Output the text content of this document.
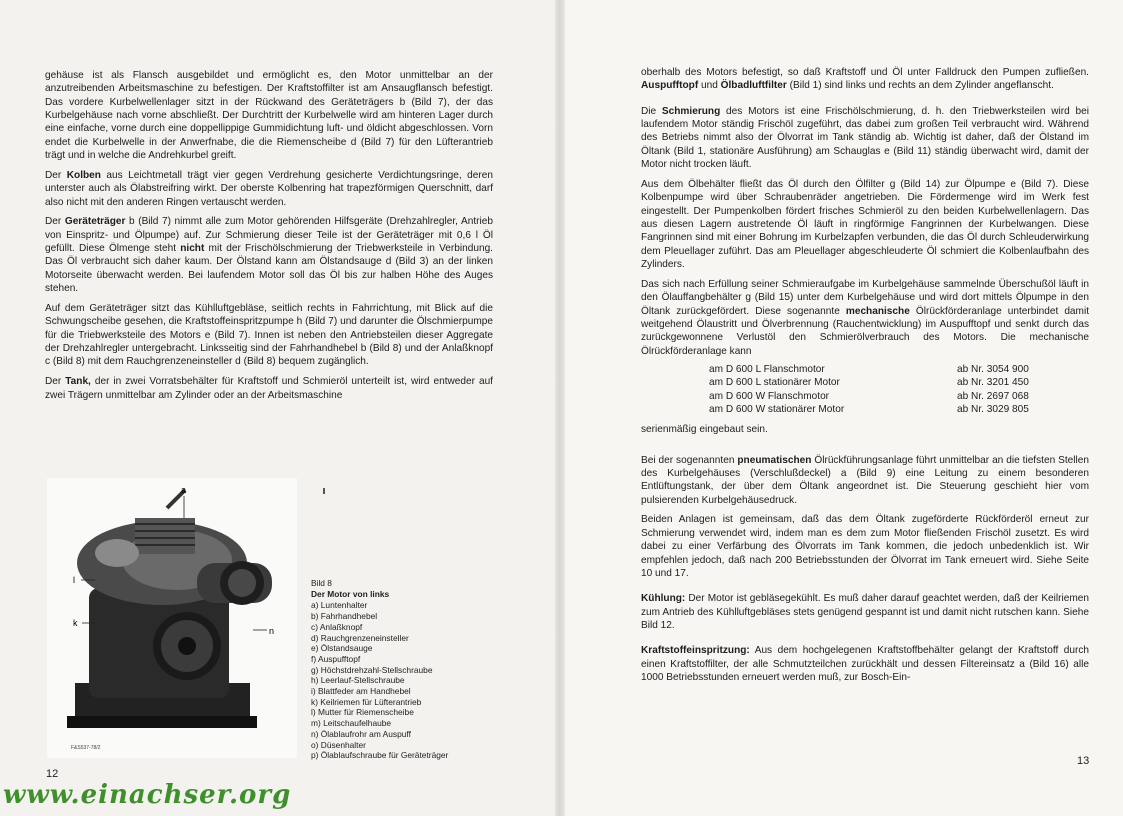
gehäuse ist als Flansch ausgebildet und ermöglicht es, den Motor unmittelbar an der anzutreibenden Arbeitsmaschine zu befestigen. Der Kraftstoffilter ist am Ansaugflansch befestigt. Das vordere Kurbelwellenlager sitzt in der Rückwand des Geräteträgers b (Bild 7), der das Kurbelgehäuse nach vorne abschließt. Der Durchtritt der Kurbelwelle wird am hinteren Lager durch eine einfache, vorne durch eine doppellippige Gummidichtung luft- und öldicht abgeschlossen. Vorn endet die Kurbelwelle in der Anwerfnabe, die die Riemenscheibe d (Bild 7) für den Lüfterantrieb trägt und in welche die Andrehkurbel greift.

Der Kolben aus Leichtmetall trägt vier gegen Verdrehung gesicherte Verdichtungsringe, deren unterster auch als Ölabstreifring wirkt. Der oberste Kolbenring hat trapezförmigen Querschnitt, darf also nicht mit den anderen Ringen vertauscht werden.

Der Geräteträger b (Bild 7) nimmt alle zum Motor gehörenden Hilfsgeräte (Drehzahlregler, Antrieb von Einspritz- und Ölpumpe) auf. Zur Schmierung dieser Teile ist der Geräteträger mit 0,6 l Öl gefüllt. Diese Ölmenge steht nicht mit der Frischölschmierung der Triebwerksteile in Verbindung. Das Öl verbraucht sich daher kaum. Der Ölstand kann am Ölstandsauge d (Bild 3) an der linken Motorseite überwacht werden. Bei laufendem Motor soll das Öl bis zur halben Höhe des Auges stehen.

Auf dem Geräteträger sitzt das Kühlluftgebläse, seitlich rechts in Fahrrichtung, mit Blick auf die Schwungscheibe gesehen, die Kraftstoffeinspritzpumpe h (Bild 7) und darunter die Ölschmierpumpe für die Triebwerksteile des Motors e (Bild 7). Innen ist neben den Antriebsteilen dieser Aggregate der Drehzahlregler untergebracht. Linksseitig sind der Fahrhandhebel b (Bild 8) und der Anlaßknopf c (Bild 8) mit dem Rauchgrenzeneinsteller d (Bild 8) bequem zugänglich.

Der Tank, der in zwei Vorratsbehälter für Kraftstoff und Schmieröl unterteilt ist, wird entweder auf zwei Trägern unmittelbar am Zylinder oder an der Arbeitsmaschine

a
l
k
n
F&S537-78/2
Bild 8
Der Motor von links
a) Luntenhalter
b) Fahrhandhebel
c) Anlaßknopf
d) Rauchgrenzeneinsteller
e) Ölstandsauge
f) Auspufftopf
g) Höchstdrehzahl-Stellschraube
h) Leerlauf-Stellschraube
i) Blattfeder am Handhebel
k) Keilriemen für Lüfterantrieb
l) Mutter für Riemenscheibe
m) Leitschaufelhaube
n) Ölablaufrohr am Auspuff
o) Düsenhalter
p) Ölablaufschraube für Geräteträger
12
www.einachser.org

oberhalb des Motors befestigt, so daß Kraftstoff und Öl unter Falldruck den Pumpen zufließen. Auspufftopf und Ölbadluftfilter (Bild 1) sind links und rechts an dem Zylinder angeflanscht.

Die Schmierung des Motors ist eine Frischölschmierung, d. h. den Triebwerksteilen wird bei laufendem Motor ständig Frischöl zugeführt, das dabei zum großen Teil verbraucht wird. Während des Betriebs nimmt also der Ölvorrat im Tank ständig ab. Wichtig ist daher, daß der Ölstand im Öltank (Bild 1, stationäre Ausführung) am Schauglas e (Bild 11) ständig überwacht wird, damit der Motor nicht trocken läuft.

Aus dem Ölbehälter fließt das Öl durch den Ölfilter g (Bild 14) zur Ölpumpe e (Bild 7). Diese Kolbenpumpe wird über Schraubenräder angetrieben. Die Fördermenge wird im Werk fest eingestellt. Der Pumpenkolben fördert frisches Schmieröl zu den beiden Kurbelwellenlagern. Das aus diesen Lagern austretende Öl läuft in ringförmige Fangrinnen der Kurbelwangen. Diese Fangrinnen sind mit einer Bohrung im Kurbelzapfen verbunden, die das Öl durch Schleuderwirkung dem Pleuellager zuführt. Das am Pleuellager abgeschleuderte Öl schmiert die Kolbenlaufbahn des Zylinders.

Das sich nach Erfüllung seiner Schmieraufgabe im Kurbelgehäuse sammelnde Überschußöl läuft in den Ölauffangbehälter g (Bild 15) unter dem Kurbelgehäuse und wird dort mittels Ölpumpe in den Öltank zurückgefördert. Diese sogenannte mechanische Ölrückförderanlage unterbindet damit weitgehend Ölaustritt und Ölverbrennung (Rauchentwicklung) im Auspufftopf und senkt durch das zurückgewonnene Verlustöl den Schmierölverbrauch des Motors. Die mechanische Ölrückförderanlage kann

am D 600 L Flanschmotor	ab Nr. 3054 900
am D 600 L stationärer Motor	ab Nr. 3201 450
am D 600 W Flanschmotor	ab Nr. 2697 068
am D 600 W stationärer Motor	ab Nr. 3029 805

serienmäßig eingebaut sein.

Bei der sogenannten pneumatischen Ölrückführungsanlage führt unmittelbar an die tiefsten Stellen des Kurbelgehäuses (Verschlußdeckel) a (Bild 9) eine Leitung zu einem besonderen Entlüftungstank, der über dem Öltank angeordnet ist. Die Steuerung geschieht hier vom pulsierenden Kurbelgehäusedruck.

Beiden Anlagen ist gemeinsam, daß das dem Öltank zugeförderte Rückförderöl erneut zur Schmierung verwendet wird, indem man es dem zum Motor fließenden Frischöl zusetzt. Es wird dabei zu einer Verfärbung des Ölvorrats im Tank kommen, die jedoch unbedenklich ist. Wir empfehlen jedoch, daß nach 200 Betriebsstunden der Ölvorrat im Tank erneuert wird. Siehe Seite 10 und 17.

Kühlung: Der Motor ist gebläsegekühlt. Es muß daher darauf geachtet werden, daß der Keilriemen zum Antrieb des Kühlluftgebläses stets genügend gespannt ist und damit nicht rutschen kann. Siehe Bild 12.

Kraftstoffeinspritzung: Aus dem hochgelegenen Kraftstoffbehälter gelangt der Kraftstoff durch einen Kraftstoffilter, der alle Schmutzteilchen zurückhält und dessen Filtereinsatz a (Bild 16) alle 1000 Betriebsstunden erneuert werden muß, zur Bosch-Ein-

13
